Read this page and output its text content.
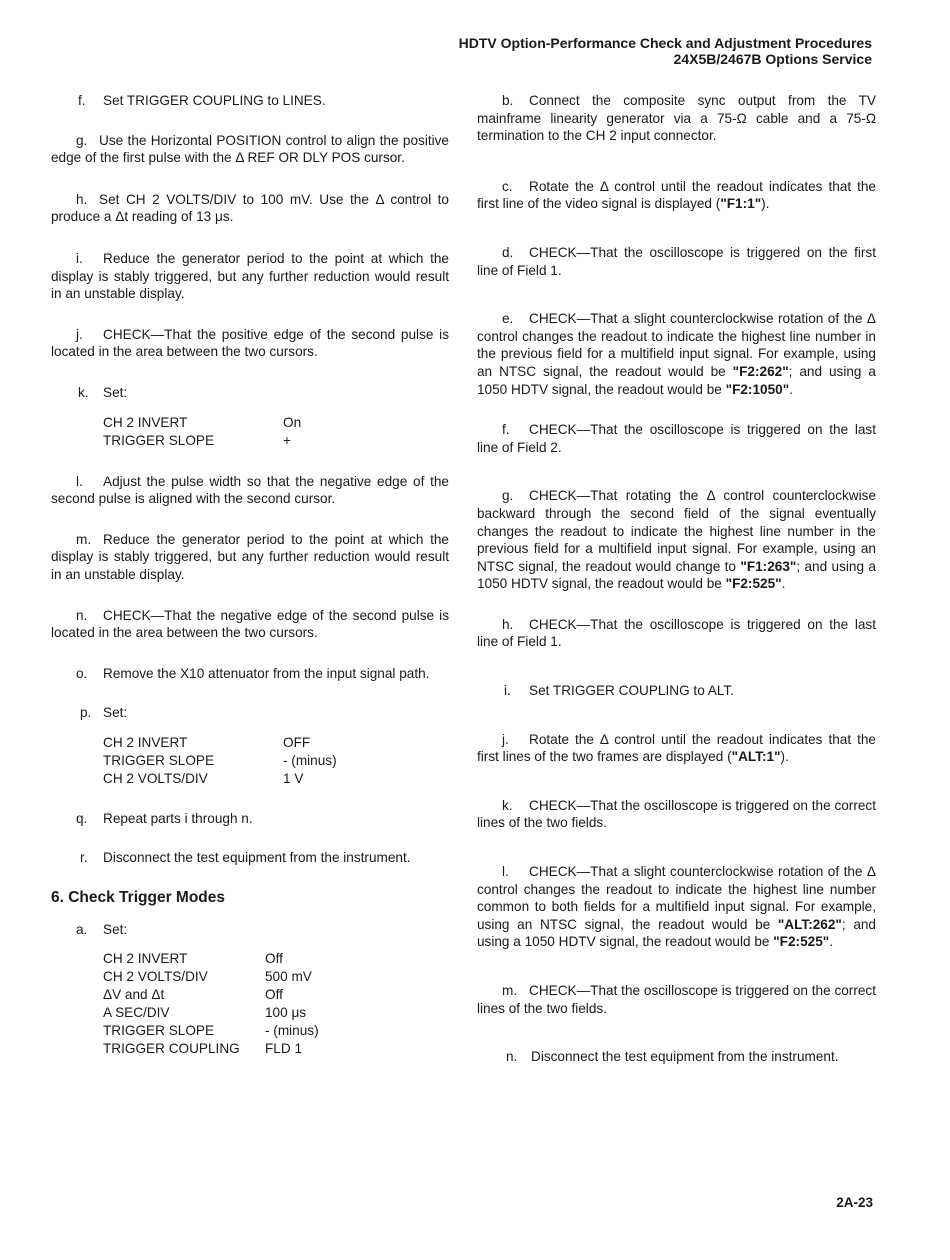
HDTV Option-Performance Check and Adjustment Procedures
24X5B/2467B Options Service

f. Set TRIGGER COUPLING to LINES.

g. Use the Horizontal POSITION control to align the positive edge of the first pulse with the Δ REF OR DLY POS cursor.

h. Set CH 2 VOLTS/DIV to 100 mV. Use the Δ control to produce a Δt reading of 13 μs.

i. Reduce the generator period to the point at which the display is stably triggered, but any further reduction would result in an unstable display.

j. CHECK—That the positive edge of the second pulse is located in the area between the two cursors.

k. Set:

CH 2 INVERT	On
TRIGGER SLOPE	+

l. Adjust the pulse width so that the negative edge of the second pulse is aligned with the second cursor.

m. Reduce the generator period to the point at which the display is stably triggered, but any further reduction would result in an unstable display.

n. CHECK—That the negative edge of the second pulse is located in the area between the two cursors.

o. Remove the X10 attenuator from the input signal path.

p. Set:

CH 2 INVERT	OFF
TRIGGER SLOPE	- (minus)
CH 2 VOLTS/DIV	1 V

q. Repeat parts i through n.

r. Disconnect the test equipment from the instrument.

6. Check Trigger Modes

a. Set:

CH 2 INVERT	Off
CH 2 VOLTS/DIV	500 mV
ΔV and Δt	Off
A SEC/DIV	100 μs
TRIGGER SLOPE	- (minus)
TRIGGER COUPLING	FLD 1

b. Connect the composite sync output from the TV mainframe linearity generator via a 75-Ω cable and a 75-Ω termination to the CH 2 input connector.

c. Rotate the Δ control until the readout indicates that the first line of the video signal is displayed ("F1:1").

d. CHECK—That the oscilloscope is triggered on the first line of Field 1.

e. CHECK—That a slight counterclockwise rotation of the Δ control changes the readout to indicate the highest line number in the previous field for a multifield input signal. For example, using an NTSC signal, the readout would be "F2:262"; and using a 1050 HDTV signal, the readout would be "F2:1050".

f. CHECK—That the oscilloscope is triggered on the last line of Field 2.

g. CHECK—That rotating the Δ control counterclockwise backward through the second field of the signal eventually changes the readout to indicate the highest line number in the previous field for a multifield input signal. For example, using an NTSC signal, the readout would change to "F1:263"; and using a 1050 HDTV signal, the readout would be "F2:525".

h. CHECK—That the oscilloscope is triggered on the last line of Field 1.

i. Set TRIGGER COUPLING to ALT.

j. Rotate the Δ control until the readout indicates that the first lines of the two frames are displayed ("ALT:1").

k. CHECK—That the oscilloscope is triggered on the correct lines of the two fields.

l. CHECK—That a slight counterclockwise rotation of the Δ control changes the readout to indicate the highest line number common to both fields for a multifield input signal. For example, using an NTSC signal, the readout would be "ALT:262"; and using a 1050 HDTV signal, the readout would be "F2:525".

m. CHECK—That the oscilloscope is triggered on the correct lines of the two fields.

n. Disconnect the test equipment from the instrument.

2A-23
